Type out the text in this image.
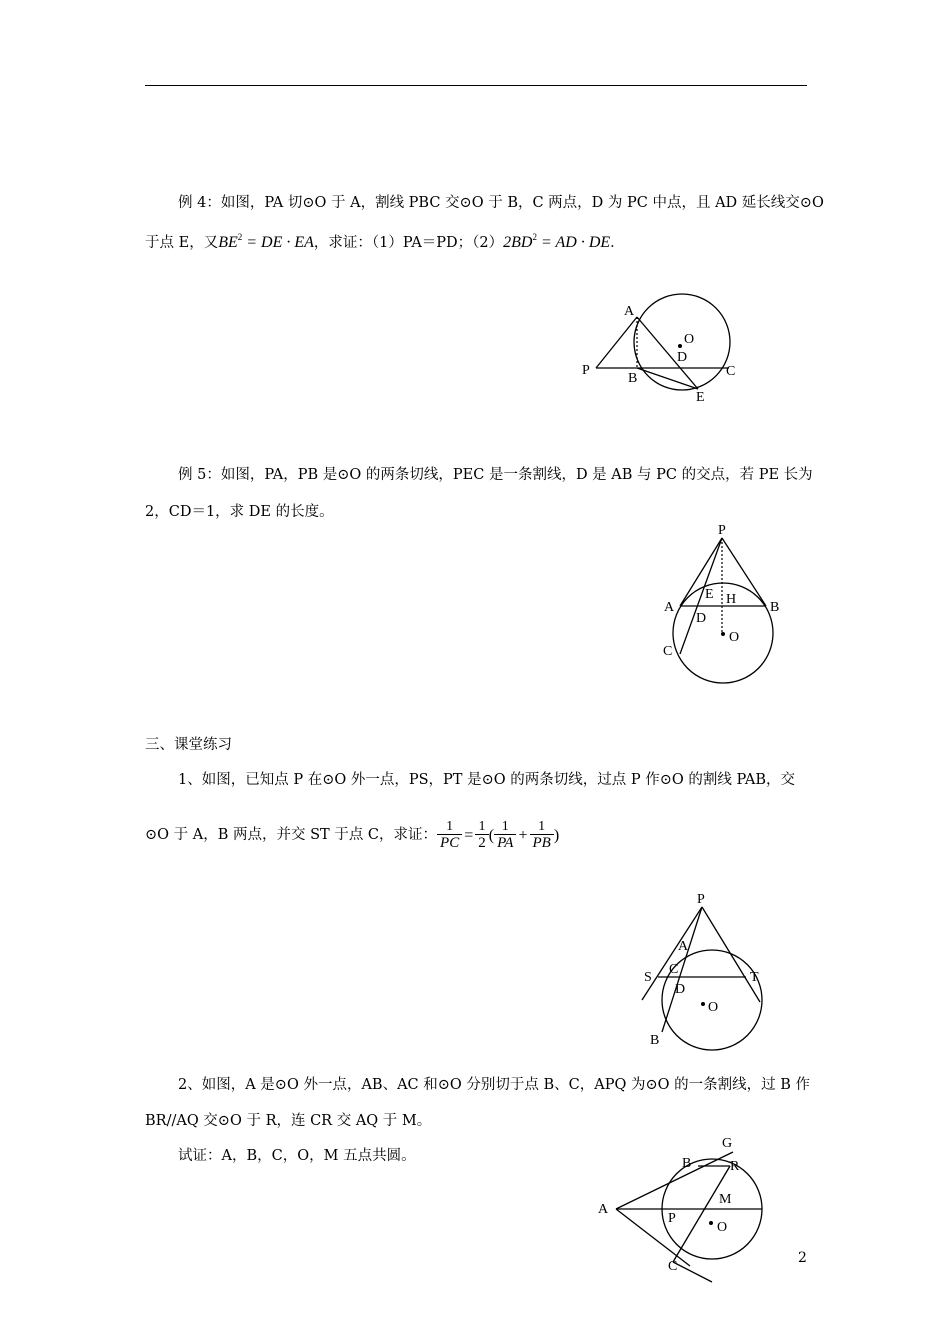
例 4：如图，PA 切⊙O 于 A，割线 PBC 交⊙O 于 B，C 两点，D 为 PC 中点，且 AD 延长线交⊙O
于点 E，又$BE^2$ = DE · EA，求证：（1）PA＝PD；$(2)2BD^2$ = AD · DE．
A
O
D
P
B	C
E
例 5：如图，PA，PB 是⊙O 的两条切线，PEC 是一条割线，D 是 AB 与 PC 的交点，若 PE 长为
2，CD＝1，求 DE 的长度。
P
E H
A	B
D
O
C
三、课堂练习
1、如图，已知点 P 在⊙O 外一点，PS，PT 是⊙O 的两条切线，过点 P 作⊙O 的割线 PAB，交
⊙O 于 A，B 两点，并交 ST 于点 C，求证： $\frac{1}{PC} = \frac{1}{2}$ ( $\frac{1}{PA} + \frac{1}{PB}$ )
P
A
S
C
T
D
O
B
2、如图，A 是⊙O 外一点，AB、AC 和⊙O 分别切于点 B、C，APQ 为⊙O 的一条割线，过 B 作
BR//AQ 交⊙O 于 R，连 CR 交 AQ 于 M。
试证：A，B，C，O，M 五点共圆。
G
B	R
M
A
P
O
C
2
